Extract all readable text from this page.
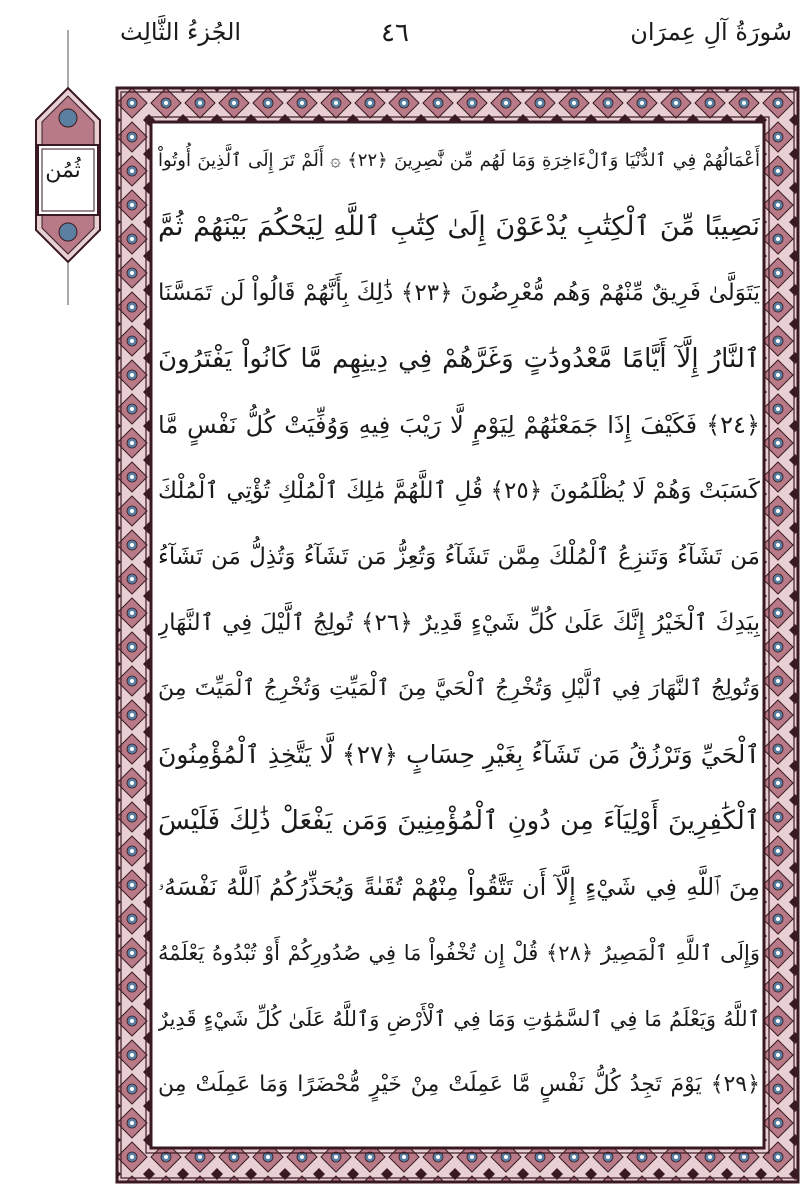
الجُزءُ الثَّالِث	٤٦	سُورَةُ آلِ عِمرَان
ثُمُن	أَعْمَالُهُمْ فِي ٱلدُّنْيَا وَٱلْءَاخِرَةِ وَمَا لَهُم مِّن نَّٰصِرِينَ ﴿٢٢﴾ ۞ أَلَمْ تَرَ إِلَى ٱلَّذِينَ أُوتُواْ
نَصِيبًا مِّنَ ٱلْكِتَٰبِ يُدْعَوْنَ إِلَىٰ كِتَٰبِ ٱللَّهِ لِيَحْكُمَ بَيْنَهُمْ ثُمَّ
يَتَوَلَّىٰ فَرِيقٌ مِّنْهُمْ وَهُم مُّعْرِضُونَ ﴿٢٣﴾ ذَٰلِكَ بِأَنَّهُمْ قَالُواْ لَن تَمَسَّنَا
ٱلنَّارُ إِلَّآ أَيَّامًا مَّعْدُودَٰتٍ وَغَرَّهُمْ فِي دِينِهِم مَّا كَانُواْ يَفْتَرُونَ
﴿٢٤﴾ فَكَيْفَ إِذَا جَمَعْنَٰهُمْ لِيَوْمٍ لَّا رَيْبَ فِيهِ وَوُفِّيَتْ كُلُّ نَفْسٍ مَّا
كَسَبَتْ وَهُمْ لَا يُظْلَمُونَ ﴿٢٥﴾ قُلِ ٱللَّهُمَّ مَٰلِكَ ٱلْمُلْكِ تُؤْتِي ٱلْمُلْكَ
مَن تَشَآءُ وَتَنزِعُ ٱلْمُلْكَ مِمَّن تَشَآءُ وَتُعِزُّ مَن تَشَآءُ وَتُذِلُّ مَن تَشَآءُ
بِيَدِكَ ٱلْخَيْرُ إِنَّكَ عَلَىٰ كُلِّ شَيْءٍ قَدِيرٌ ﴿٢٦﴾ تُولِجُ ٱلَّيْلَ فِي ٱلنَّهَارِ
وَتُولِجُ ٱلنَّهَارَ فِي ٱلَّيْلِ وَتُخْرِجُ ٱلْحَيَّ مِنَ ٱلْمَيِّتِ وَتُخْرِجُ ٱلْمَيِّتَ مِنَ
ٱلْحَيِّ وَتَرْزُقُ مَن تَشَآءُ بِغَيْرِ حِسَابٍ ﴿٢٧﴾ لَّا يَتَّخِذِ ٱلْمُؤْمِنُونَ
ٱلْكَٰفِرِينَ أَوْلِيَآءَ مِن دُونِ ٱلْمُؤْمِنِينَ وَمَن يَفْعَلْ ذَٰلِكَ فَلَيْسَ
مِنَ ٱللَّهِ فِي شَيْءٍ إِلَّآ أَن تَتَّقُواْ مِنْهُمْ تُقَىٰةً وَيُحَذِّرُكُمُ ٱللَّهُ نَفْسَهُۥ
وَإِلَى ٱللَّهِ ٱلْمَصِيرُ ﴿٢٨﴾ قُلْ إِن تُخْفُواْ مَا فِي صُدُورِكُمْ أَوْ تُبْدُوهُ يَعْلَمْهُ
ٱللَّهُ وَيَعْلَمُ مَا فِي ٱلسَّمَٰوَٰتِ وَمَا فِي ٱلْأَرْضِ وَٱللَّهُ عَلَىٰ كُلِّ شَيْءٍ قَدِيرٌ
﴿٢٩﴾ يَوْمَ تَجِدُ كُلُّ نَفْسٍ مَّا عَمِلَتْ مِنْ خَيْرٍ مُّحْضَرًا وَمَا عَمِلَتْ مِن
